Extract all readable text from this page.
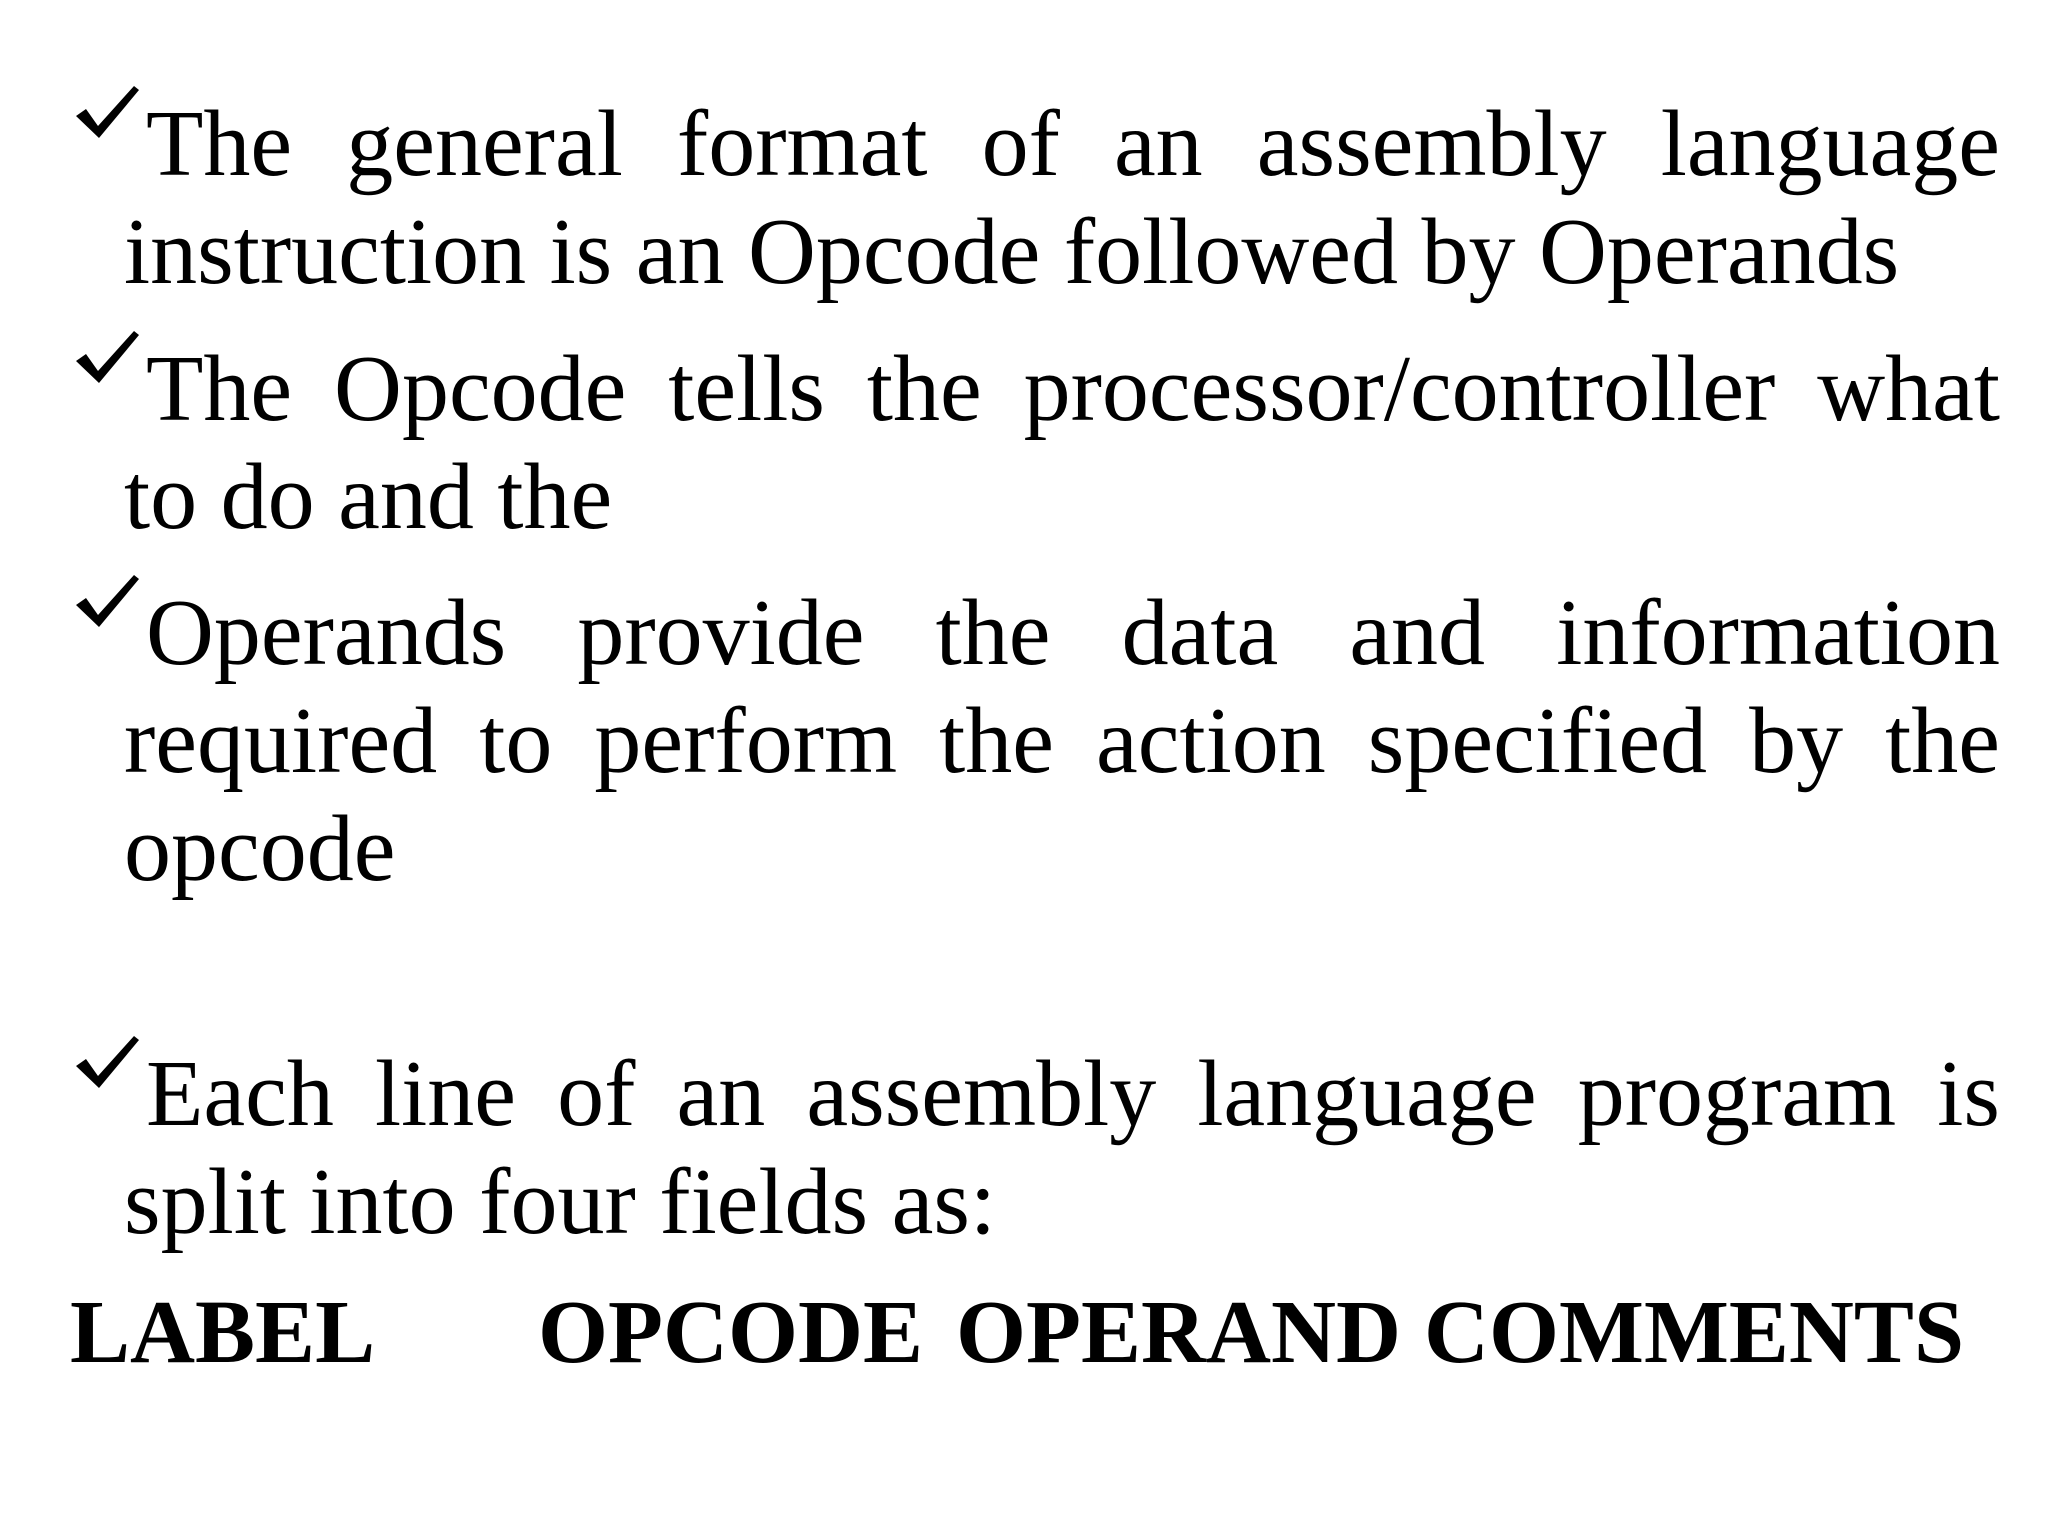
The general format of an assembly language instruction is an Opcode followed by Operands

The Opcode tells the processor/controller what to do and the

Operands provide the data and information required to perform the action specified by the opcode

Each line of an assembly language program is split into four fields as:

LABEL OPCODE OPERAND COMMENTS
